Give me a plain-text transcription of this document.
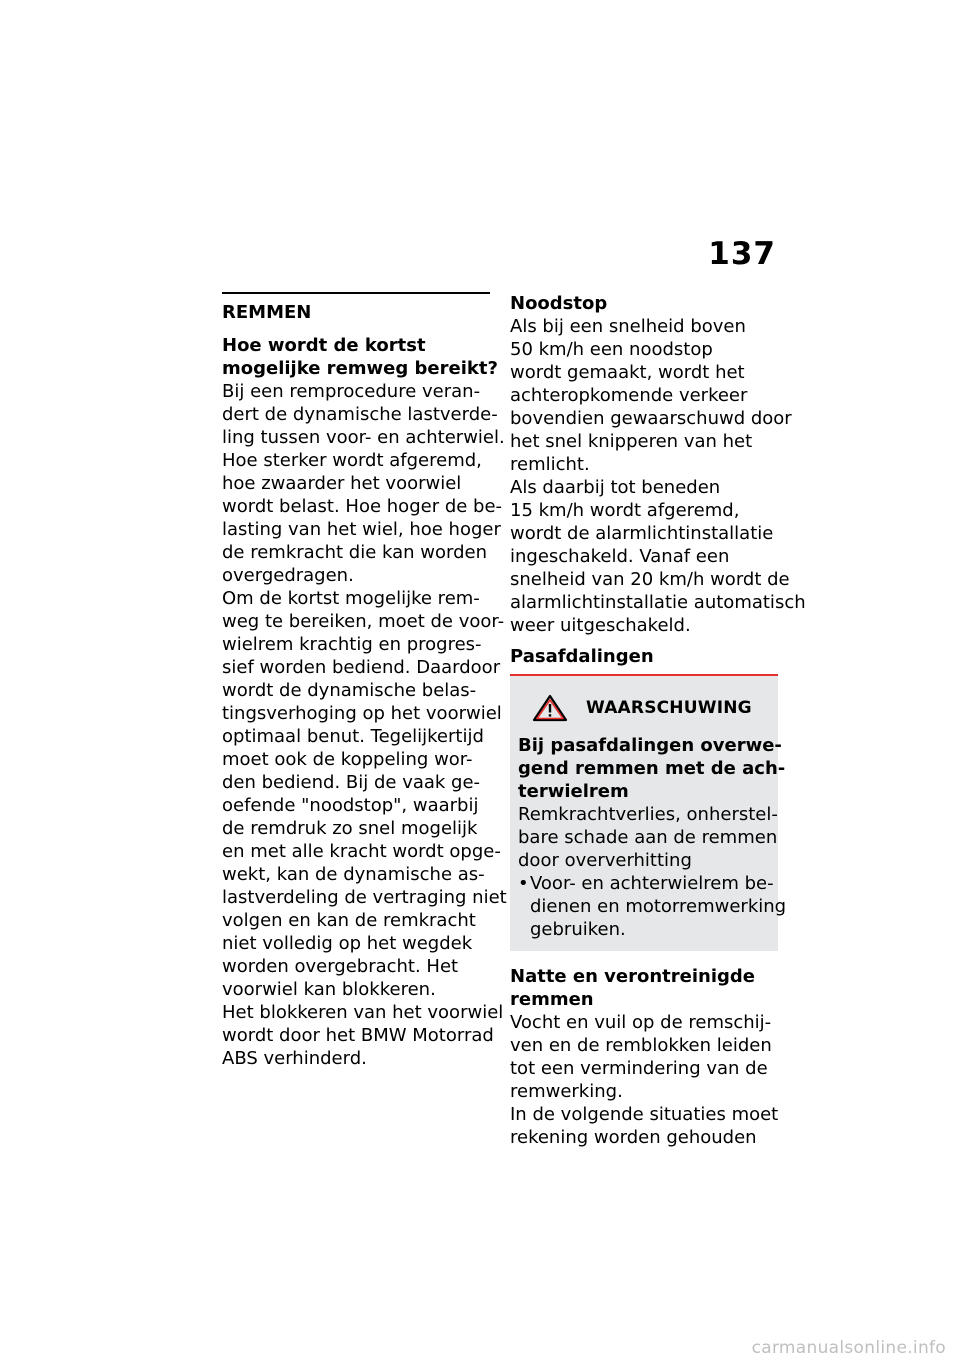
137
REMMEN
Hoe wordt de kortst
mogelijke remweg bereikt?
Bij een remprocedure veran-
dert de dynamische lastverde-
ling tussen voor- en achterwiel.
Hoe sterker wordt afgeremd,
hoe zwaarder het voorwiel
wordt belast. Hoe hoger de be-
lasting van het wiel, hoe hoger
de remkracht die kan worden
overgedragen.
Om de kortst mogelijke rem-
weg te bereiken, moet de voor-
wielrem krachtig en progres-
sief worden bediend. Daardoor
wordt de dynamische belas-
tingsverhoging op het voorwiel
optimaal benut. Tegelijkertijd
moet ook de koppeling wor-
den bediend. Bij de vaak ge-
oefende "noodstop", waarbij
de remdruk zo snel mogelijk
en met alle kracht wordt opge-
wekt, kan de dynamische as-
lastverdeling de vertraging niet
volgen en kan de remkracht
niet volledig op het wegdek
worden overgebracht. Het
voorwiel kan blokkeren.
Het blokkeren van het voorwiel
wordt door het BMW Motorrad
ABS verhinderd.
Noodstop
Als bij een snelheid boven
50 km/h een noodstop
wordt gemaakt, wordt het
achteropkomende verkeer
bovendien gewaarschuwd door
het snel knipperen van het
remlicht.
Als daarbij tot beneden
15 km/h wordt afgeremd,
wordt de alarmlichtinstallatie
ingeschakeld. Vanaf een
snelheid van 20 km/h wordt de
alarmlichtinstallatie automatisch
weer uitgeschakeld.
Pasafdalingen
WAARSCHUWING
Bij pasafdalingen overwe-
gend remmen met de ach-
terwielrem
Remkrachtverlies, onherstel-
bare schade aan de remmen
door oververhitting
• Voor- en achterwielrem be-
dienen en motorremwerking
gebruiken.
Natte en verontreinigde
remmen
Vocht en vuil op de remschij-
ven en de remblokken leiden
tot een vermindering van de
remwerking.
In de volgende situaties moet
rekening worden gehouden
carmanualsonline.info
